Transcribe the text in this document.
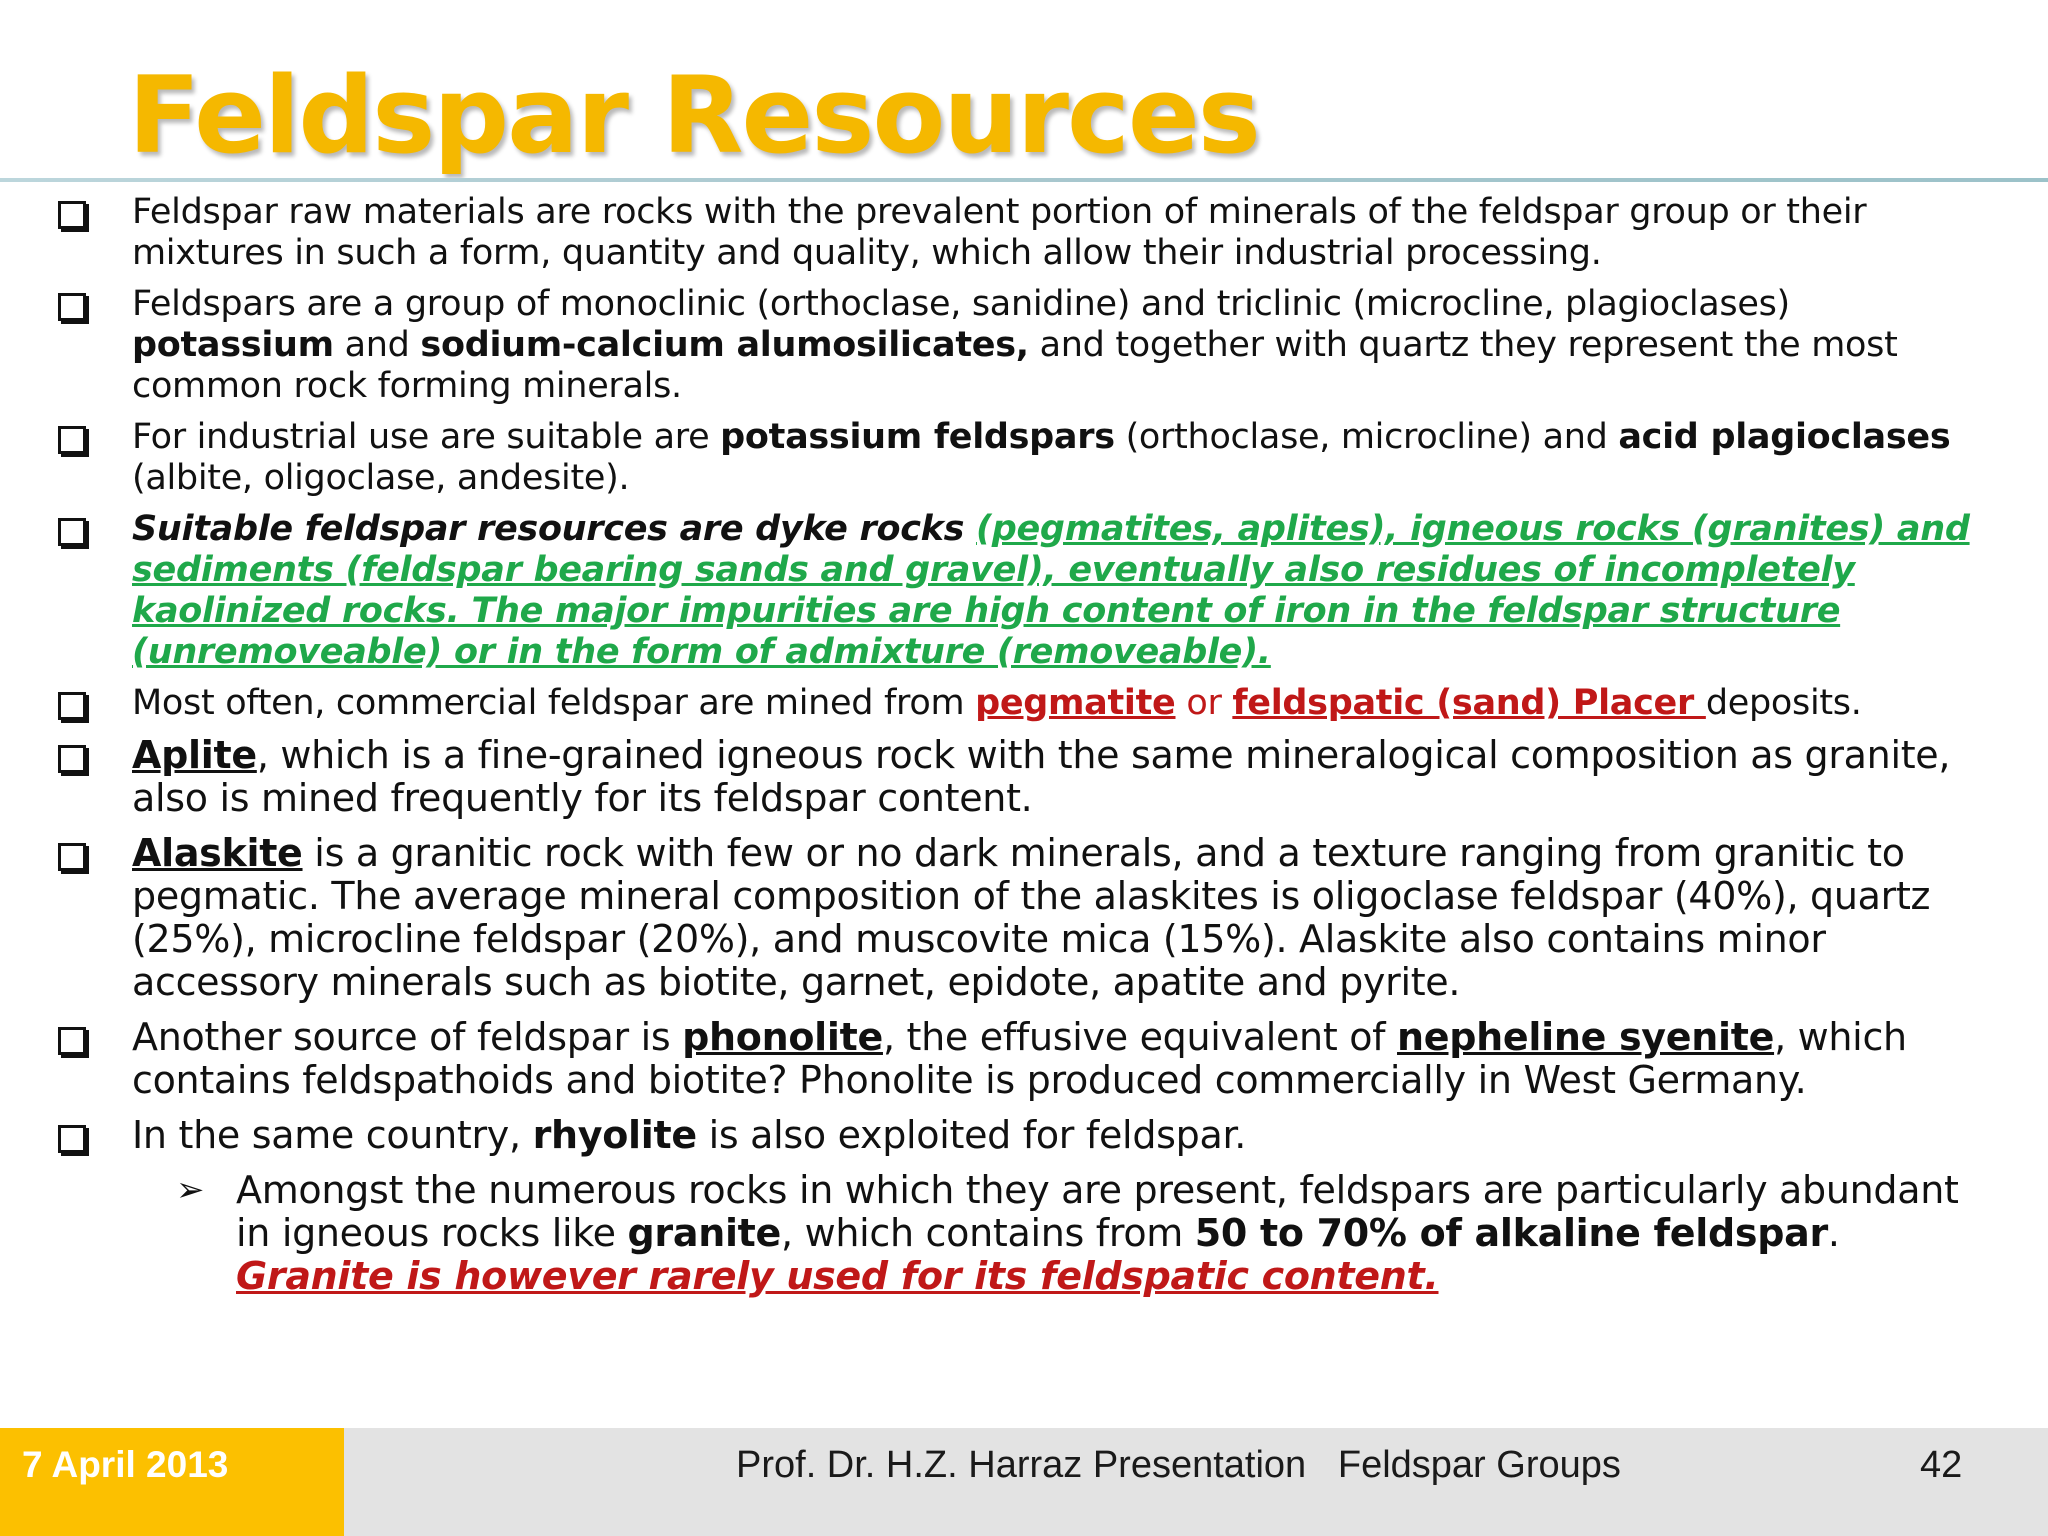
Feldspar Resources
Feldspar raw materials are rocks with the prevalent portion of minerals of the feldspar group or their mixtures in such a form, quantity and quality, which allow their industrial processing.
Feldspars are a group of monoclinic (orthoclase, sanidine) and triclinic (microcline, plagioclases) potassium and sodium-calcium alumosilicates, and together with quartz they represent the most common rock forming minerals.
For industrial use are suitable are potassium feldspars (orthoclase, microcline) and acid plagioclases (albite, oligoclase, andesite).
Suitable feldspar resources are dyke rocks (pegmatites, aplites), igneous rocks (granites) and sediments (feldspar bearing sands and gravel), eventually also residues of incompletely kaolinized rocks. The major impurities are high content of iron in the feldspar structure (unremoveable) or in the form of admixture (removeable).
Most often, commercial feldspar are mined from pegmatite or feldspatic (sand) Placer deposits.
Aplite, which is a fine-grained igneous rock with the same mineralogical composition as granite, also is mined frequently for its feldspar content.
Alaskite is a granitic rock with few or no dark minerals, and a texture ranging from granitic to pegmatic. The average mineral composition of the alaskites is oligoclase feldspar (40%), quartz (25%), microcline feldspar (20%), and muscovite mica (15%). Alaskite also contains minor accessory minerals such as biotite, garnet, epidote, apatite and pyrite.
Another source of feldspar is phonolite, the effusive equivalent of nepheline syenite, which contains feldspathoids and biotite? Phonolite is produced commercially in West Germany.
In the same country, rhyolite is also exploited for feldspar.
➢ Amongst the numerous rocks in which they are present, feldspars are particularly abundant in igneous rocks like granite, which contains from 50 to 70% of alkaline feldspar. Granite is however rarely used for its feldspatic content.
7 April 2013	Prof. Dr. H.Z. Harraz Presentation   Feldspar Groups	42
